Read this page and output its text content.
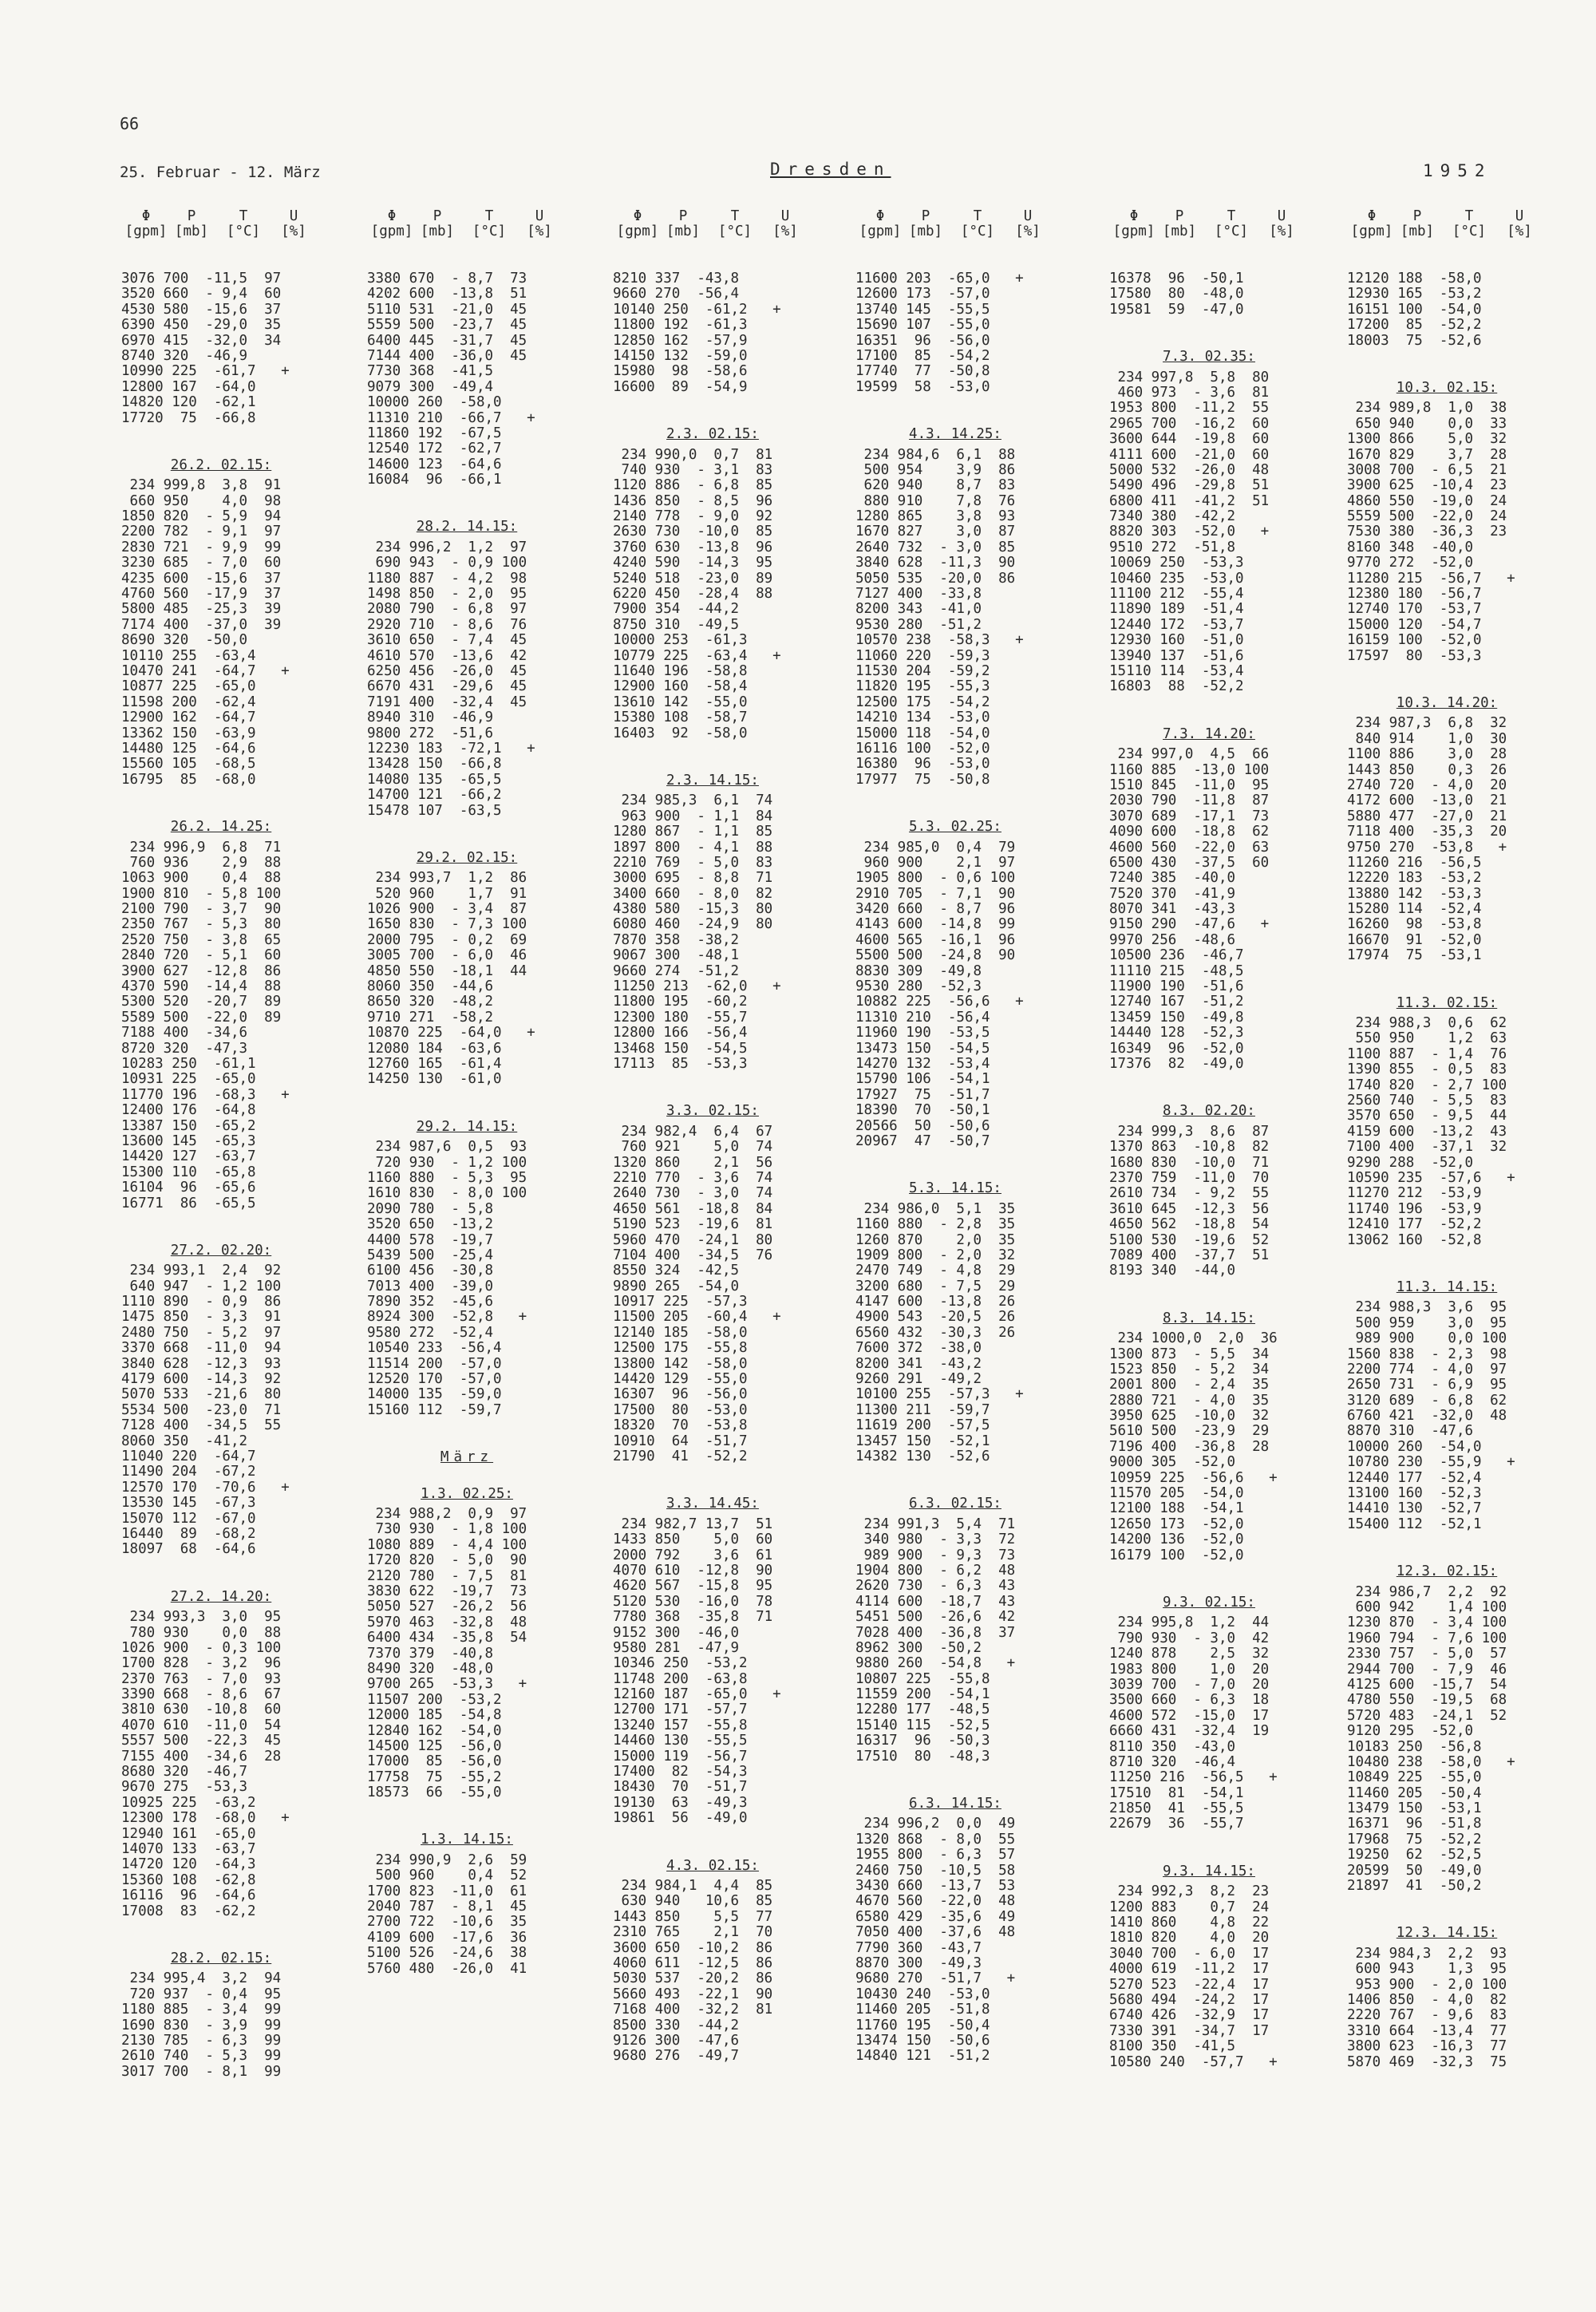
66
25. Februar - 12. März	Dresden	1952
Φ
[gpm]
P
[mb]
T
[°C]
U
[%]
3076 700  -11,5  97
3520 660  - 9,4  60
4530 580  -15,6  37
6390 450  -29,0  35
6970 415  -32,0  34
8740 320  -46,9
10990 225  -61,7   +
12800 167  -64,0
14820 120  -62,1
17720  75  -66,8
26.2. 02.15:
234 999,8  3,8  91
660 950    4,0  98
1850 820  - 5,9  94
2200 782  - 9,1  97
2830 721  - 9,9  99
3230 685  - 7,0  60
4235 600  -15,6  37
4760 560  -17,9  37
5800 485  -25,3  39
7174 400  -37,0  39
8690 320  -50,0
10110 255  -63,4
10470 241  -64,7   +
10877 225  -65,0
11598 200  -62,4
12900 162  -64,7
13362 150  -63,9
14480 125  -64,6
15560 105  -68,5
16795  85  -68,0
26.2. 14.25:
234 996,9  6,8  71
760 936    2,9  88
1063 900    0,4  88
1900 810  - 5,8 100
2100 790  - 3,7  90
2350 767  - 5,3  80
2520 750  - 3,8  65
2840 720  - 5,1  60
3900 627  -12,8  86
4370 590  -14,4  88
5300 520  -20,7  89
5589 500  -22,0  89
7188 400  -34,6
8720 320  -47,3
10283 250  -61,1
10931 225  -65,0
11770 196  -68,3   +
12400 176  -64,8
13387 150  -65,2
13600 145  -65,3
14420 127  -63,7
15300 110  -65,8
16104  96  -65,6
16771  86  -65,5
27.2. 02.20:
234 993,1  2,4  92
640 947  - 1,2 100
1110 890  - 0,9  86
1475 850  - 3,3  91
2480 750  - 5,2  97
3370 668  -11,0  94
3840 628  -12,3  93
4179 600  -14,3  92
5070 533  -21,6  80
5534 500  -23,0  71
7128 400  -34,5  55
8060 350  -41,2
11040 220  -64,7
11490 204  -67,2
12570 170  -70,6   +
13530 145  -67,3
15070 112  -67,0
16440  89  -68,2
18097  68  -64,6
27.2. 14.20:
234 993,3  3,0  95
780 930    0,0  88
1026 900  - 0,3 100
1700 828  - 3,2  96
2370 763  - 7,0  93
3390 668  - 8,6  67
3810 630  -10,8  60
4070 610  -11,0  54
5557 500  -22,3  45
7155 400  -34,6  28
8680 320  -46,7
9670 275  -53,3
10925 225  -63,2
12300 178  -68,0   +
12940 161  -65,0
14070 133  -63,7
14720 120  -64,3
15360 108  -62,8
16116  96  -64,6
17008  83  -62,2
28.2. 02.15:
234 995,4  3,2  94
720 937  - 0,4  95
1180 885  - 3,4  99
1690 830  - 3,9  99
2130 785  - 6,3  99
2610 740  - 5,3  99
3017 700  - 8,1  99
Φ
[gpm]
P
[mb]
T
[°C]
U
[%]
3380 670  - 8,7  73
4202 600  -13,8  51
5110 531  -21,0  45
5559 500  -23,7  45
6400 445  -31,7  45
7144 400  -36,0  45
7730 368  -41,5
9079 300  -49,4
10000 260  -58,0
11310 210  -66,7   +
11860 192  -67,5
12540 172  -62,7
14600 123  -64,6
16084  96  -66,1
28.2. 14.15:
234 996,2  1,2  97
690 943  - 0,9 100
1180 887  - 4,2  98
1498 850  - 2,0  95
2080 790  - 6,8  97
2920 710  - 8,6  76
3610 650  - 7,4  45
4610 570  -13,6  42
6250 456  -26,0  45
6670 431  -29,6  45
7191 400  -32,4  45
8940 310  -46,9
9800 272  -51,6
12230 183  -72,1   +
13428 150  -66,8
14080 135  -65,5
14700 121  -66,2
15478 107  -63,5
29.2. 02.15:
234 993,7  1,2  86
520 960    1,7  91
1026 900  - 3,4  87
1650 830  - 7,3 100
2000 795  - 0,2  69
3005 700  - 6,0  46
4850 550  -18,1  44
8060 350  -44,6
8650 320  -48,2
9710 271  -58,2
10870 225  -64,0   +
12080 184  -63,6
12760 165  -61,4
14250 130  -61,0
29.2. 14.15:
234 987,6  0,5  93
720 930  - 1,2 100
1160 880  - 5,3  95
1610 830  - 8,0 100
2090 780  - 5,8
3520 650  -13,2
4400 578  -19,7
5439 500  -25,4
6100 456  -30,8
7013 400  -39,0
7890 352  -45,6
8924 300  -52,8   +
9580 272  -52,4
10540 233  -56,4
11514 200  -57,0
12520 170  -57,0
14000 135  -59,0
15160 112  -59,7
März
1.3. 02.25:
234 988,2  0,9  97
730 930  - 1,8 100
1080 889  - 4,4 100
1720 820  - 5,0  90
2120 780  - 7,5  81
3830 622  -19,7  73
5050 527  -26,2  56
5970 463  -32,8  48
6400 434  -35,8  54
7370 379  -40,8
8490 320  -48,0
9700 265  -53,3   +
11507 200  -53,2
12000 185  -54,8
12840 162  -54,0
14500 125  -56,0
17000  85  -56,0
17758  75  -55,2
18573  66  -55,0
1.3. 14.15:
234 990,9  2,6  59
500 960    0,4  52
1700 823  -11,0  61
2040 787  - 8,1  45
2700 722  -10,6  35
4109 600  -17,6  36
5100 526  -24,6  38
5760 480  -26,0  41
Φ
[gpm]
P
[mb]
T
[°C]
U
[%]
8210 337  -43,8
9660 270  -56,4
10140 250  -61,2   +
11800 192  -61,3
12850 162  -57,9
14150 132  -59,0
15980  98  -58,6
16600  89  -54,9
2.3. 02.15:
234 990,0  0,7  81
740 930  - 3,1  83
1120 886  - 6,8  85
1436 850  - 8,5  96
2140 778  - 9,0  92
2630 730  -10,0  85
3760 630  -13,8  96
4240 590  -14,3  95
5240 518  -23,0  89
6220 450  -28,4  88
7900 354  -44,2
8750 310  -49,5
10000 253  -61,3
10779 225  -63,4   +
11640 196  -58,8
12900 160  -58,4
13610 142  -55,0
15380 108  -58,7
16403  92  -58,0
2.3. 14.15:
234 985,3  6,1  74
963 900  - 1,1  84
1280 867  - 1,1  85
1897 800  - 4,1  88
2210 769  - 5,0  83
3000 695  - 8,8  71
3400 660  - 8,0  82
4380 580  -15,3  80
6080 460  -24,9  80
7870 358  -38,2
9067 300  -48,1
9660 274  -51,2
11250 213  -62,0   +
11800 195  -60,2
12300 180  -55,7
12800 166  -56,4
13468 150  -54,5
17113  85  -53,3
3.3. 02.15:
234 982,4  6,4  67
760 921    5,0  74
1320 860    2,1  56
2210 770  - 3,6  74
2640 730  - 3,0  74
4650 561  -18,8  84
5190 523  -19,6  81
5960 470  -24,1  80
7104 400  -34,5  76
8550 324  -42,5
9890 265  -54,0
10917 225  -57,3
11500 205  -60,4   +
12140 185  -58,0
12500 175  -55,8
13800 142  -58,0
14420 129  -55,0
16307  96  -56,0
17500  80  -53,0
18320  70  -53,8
10910  64  -51,7
21790  41  -52,2
3.3. 14.45:
234 982,7 13,7  51
1433 850    5,0  60
2000 792    3,6  61
4070 610  -12,8  90
4620 567  -15,8  95
5120 530  -16,0  78
7780 368  -35,8  71
9152 300  -46,0
9580 281  -47,9
10346 250  -53,2
11748 200  -63,8
12160 187  -65,0   +
12700 171  -57,7
13240 157  -55,8
14460 130  -55,5
15000 119  -56,7
17400  82  -54,3
18430  70  -51,7
19130  63  -49,3
19861  56  -49,0
4.3. 02.15:
234 984,1  4,4  85
630 940   10,6  85
1443 850    5,5  77
2310 765    2,1  70
3600 650  -10,2  86
4060 611  -12,5  86
5030 537  -20,2  86
5660 493  -22,1  90
7168 400  -32,2  81
8500 330  -44,2
9126 300  -47,6
9680 276  -49,7
Φ
[gpm]
P
[mb]
T
[°C]
U
[%]
11600 203  -65,0   +
12600 173  -57,0
13740 145  -55,5
15690 107  -55,0
16351  96  -56,0
17100  85  -54,2
17740  77  -50,8
19599  58  -53,0
4.3. 14.25:
234 984,6  6,1  88
500 954    3,9  86
620 940    8,7  83
880 910    7,8  76
1280 865    3,8  93
1670 827    3,0  87
2640 732  - 3,0  85
3840 628  -11,3  90
5050 535  -20,0  86
7127 400  -33,8
8200 343  -41,0
9530 280  -51,2
10570 238  -58,3   +
11060 220  -59,3
11530 204  -59,2
11820 195  -55,3
12500 175  -54,2
14210 134  -53,0
15000 118  -54,0
16116 100  -52,0
16380  96  -53,0
17977  75  -50,8
5.3. 02.25:
234 985,0  0,4  79
960 900    2,1  97
1905 800  - 0,6 100
2910 705  - 7,1  90
3420 660  - 8,7  96
4143 600  -14,8  99
4600 565  -16,1  96
5500 500  -24,8  90
8830 309  -49,8
9530 280  -52,3
10882 225  -56,6   +
11310 210  -56,4
11960 190  -53,5
13473 150  -54,5
14270 132  -53,4
15790 106  -54,1
17927  75  -51,7
18390  70  -50,1
20566  50  -50,6
20967  47  -50,7
5.3. 14.15:
234 986,0  5,1  35
1160 880  - 2,8  35
1260 870    2,0  35
1909 800  - 2,0  32
2470 749  - 4,8  29
3200 680  - 7,5  29
4147 600  -13,8  26
4900 543  -20,5  26
6560 432  -30,3  26
7600 372  -38,0
8200 341  -43,2
9260 291  -49,2
10100 255  -57,3   +
11300 211  -59,7
11619 200  -57,5
13457 150  -52,1
14382 130  -52,6
6.3. 02.15:
234 991,3  5,4  71
340 980  - 3,3  72
989 900  - 9,3  73
1904 800  - 6,2  48
2620 730  - 6,3  43
4114 600  -18,7  43
5451 500  -26,6  42
7028 400  -36,8  37
8962 300  -50,2
9880 260  -54,8   +
10807 225  -55,8
11559 200  -54,1
12280 177  -48,5
15140 115  -52,5
16317  96  -50,3
17510  80  -48,3
6.3. 14.15:
234 996,2  0,0  49
1320 868  - 8,0  55
1955 800  - 6,3  57
2460 750  -10,5  58
3430 660  -13,7  53
4670 560  -22,0  48
6580 429  -35,6  49
7050 400  -37,6  48
7790 360  -43,7
8870 300  -49,3
9680 270  -51,7   +
10430 240  -53,0
11460 205  -51,8
11760 195  -50,4
13474 150  -50,6
14840 121  -51,2
Φ
[gpm]
P
[mb]
T
[°C]
U
[%]
16378  96  -50,1
17580  80  -48,0
19581  59  -47,0
7.3. 02.35:
234 997,8  5,8  80
460 973  - 3,6  81
1953 800  -11,2  55
2965 700  -16,2  60
3600 644  -19,8  60
4111 600  -21,0  60
5000 532  -26,0  48
5490 496  -29,8  51
6800 411  -41,2  51
7340 380  -42,2
8820 303  -52,0   +
9510 272  -51,8
10069 250  -53,3
10460 235  -53,0
11100 212  -55,4
11890 189  -51,4
12440 172  -53,7
12930 160  -51,0
13940 137  -51,6
15110 114  -53,4
16803  88  -52,2
7.3. 14.20:
234 997,0  4,5  66
1160 885  -13,0 100
1510 845  -11,0  95
2030 790  -11,8  87
3070 689  -17,1  73
4090 600  -18,8  62
4600 560  -22,0  63
6500 430  -37,5  60
7240 385  -40,0
7520 370  -41,9
8070 341  -43,3
9150 290  -47,6   +
9970 256  -48,6
10500 236  -46,7
11110 215  -48,5
11900 190  -51,6
12740 167  -51,2
13459 150  -49,8
14440 128  -52,3
16349  96  -52,0
17376  82  -49,0
8.3. 02.20:
234 999,3  8,6  87
1370 863  -10,8  82
1680 830  -10,0  71
2370 759  -11,0  70
2610 734  - 9,2  55
3610 645  -12,3  56
4650 562  -18,8  54
5100 530  -19,6  52
7089 400  -37,7  51
8193 340  -44,0
8.3. 14.15:
234 1000,0  2,0  36
1300 873  - 5,5  34
1523 850  - 5,2  34
2001 800  - 2,4  35
2880 721  - 4,0  35
3950 625  -10,0  32
5610 500  -23,9  29
7196 400  -36,8  28
9000 305  -52,0
10959 225  -56,6   +
11570 205  -54,0
12100 188  -54,1
12650 173  -52,0
14200 136  -52,0
16179 100  -52,0
9.3. 02.15:
234 995,8  1,2  44
790 930  - 3,0  42
1240 878    2,5  32
1983 800    1,0  20
3039 700  - 7,0  20
3500 660  - 6,3  18
4600 572  -15,0  17
6660 431  -32,4  19
8110 350  -43,0
8710 320  -46,4
11250 216  -56,5   +
17510  81  -54,1
21850  41  -55,5
22679  36  -55,7
9.3. 14.15:
234 992,3  8,2  23
1200 883    0,7  24
1410 860    4,8  22
1810 820    4,0  20
3040 700  - 6,0  17
4000 619  -11,2  17
5270 523  -22,4  17
5680 494  -24,2  17
6740 426  -32,9  17
7330 391  -34,7  17
8100 350  -41,5
10580 240  -57,7   +
Φ
[gpm]
P
[mb]
T
[°C]
U
[%]
12120 188  -58,0
12930 165  -53,2
16151 100  -54,0
17200  85  -52,2
18003  75  -52,6
10.3. 02.15:
234 989,8  1,0  38
650 940    0,0  33
1300 866    5,0  32
1670 829    3,7  28
3008 700  - 6,5  21
3900 625  -10,4  23
4860 550  -19,0  24
5559 500  -22,0  24
7530 380  -36,3  23
8160 348  -40,0
9770 272  -52,0
11280 215  -56,7   +
12380 180  -56,7
12740 170  -53,7
15000 120  -54,7
16159 100  -52,0
17597  80  -53,3
10.3. 14.20:
234 987,3  6,8  32
840 914    1,0  30
1100 886    3,0  28
1443 850    0,3  26
2740 720  - 4,0  20
4172 600  -13,0  21
5880 477  -27,0  21
7118 400  -35,3  20
9750 270  -53,8   +
11260 216  -56,5
12220 183  -53,2
13880 142  -53,3
15280 114  -52,4
16260  98  -53,8
16670  91  -52,0
17974  75  -53,1
11.3. 02.15:
234 988,3  0,6  62
550 950    1,2  63
1100 887  - 1,4  76
1390 855  - 0,5  83
1740 820  - 2,7 100
2560 740  - 5,5  83
3570 650  - 9,5  44
4159 600  -13,2  43
7100 400  -37,1  32
9290 288  -52,0
10590 235  -57,6   +
11270 212  -53,9
11740 196  -53,9
12410 177  -52,2
13062 160  -52,8
11.3. 14.15:
234 988,3  3,6  95
500 959    3,0  95
989 900    0,0 100
1560 838  - 2,3  98
2200 774  - 4,0  97
2650 731  - 6,9  95
3120 689  - 6,8  62
6760 421  -32,0  48
8870 310  -47,6
10000 260  -54,0
10780 230  -55,9   +
12440 177  -52,4
13100 160  -52,3
14410 130  -52,7
15400 112  -52,1
12.3. 02.15:
234 986,7  2,2  92
600 942    1,4 100
1230 870  - 3,4 100
1960 794  - 7,6 100
2330 757  - 5,0  57
2944 700  - 7,9  46
4125 600  -15,7  54
4780 550  -19,5  68
5720 483  -24,1  52
9120 295  -52,0
10183 250  -56,8
10480 238  -58,0   +
10849 225  -55,0
11460 205  -50,4
13479 150  -53,1
16371  96  -51,8
17968  75  -52,2
19250  62  -52,5
20599  50  -49,0
21897  41  -50,2
12.3. 14.15:
234 984,3  2,2  93
600 943    1,3  95
953 900  - 2,0 100
1406 850  - 4,0  82
2220 767  - 9,6  83
3310 664  -13,4  77
3800 623  -16,3  77
5870 469  -32,3  75
